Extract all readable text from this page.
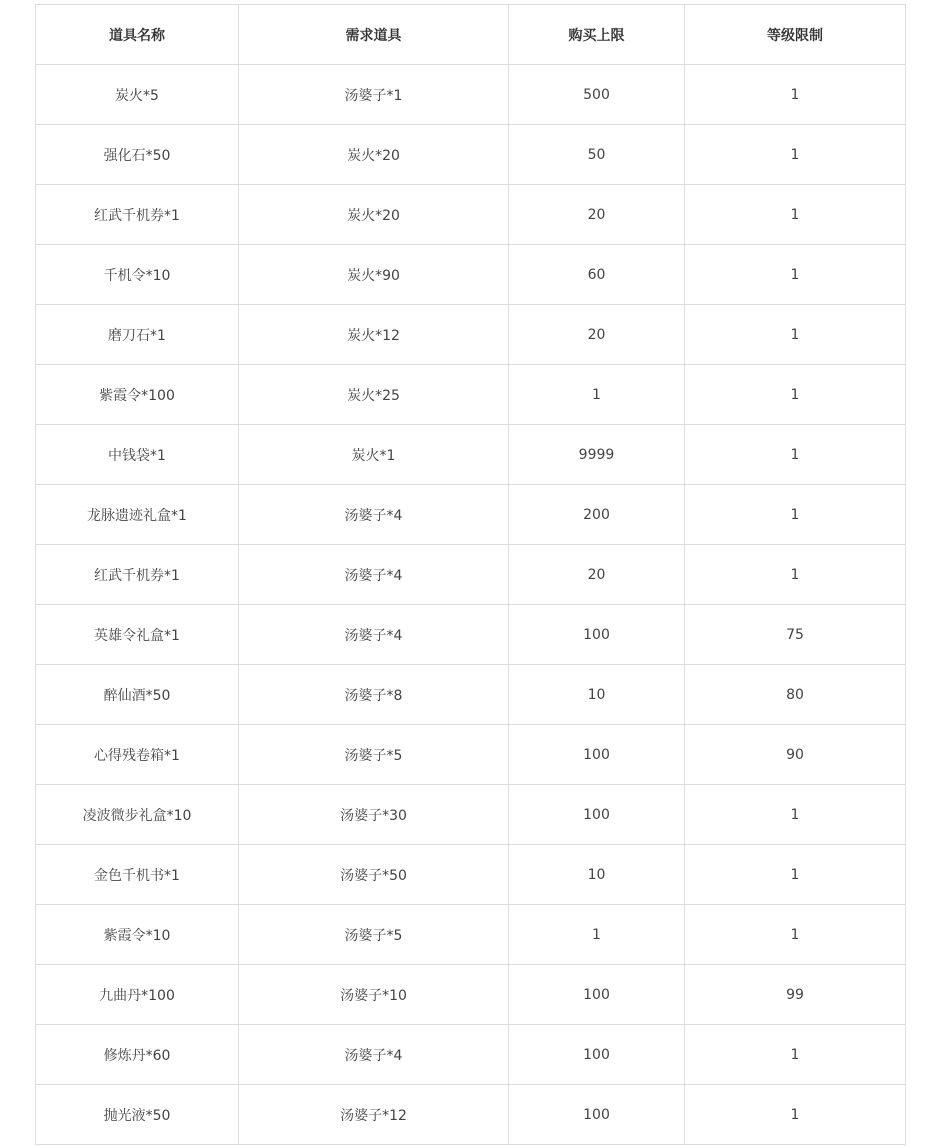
道具名称	需求道具	购买上限	等级限制
炭火*5	汤婆子*1	500	1
强化石*50	炭火*20	50	1
红武千机券*1	炭火*20	20	1
千机令*10	炭火*90	60	1
磨刀石*1	炭火*12	20	1
紫霞令*100	炭火*25	1	1
中钱袋*1	炭火*1	9999	1
龙脉遗迹礼盒*1	汤婆子*4	200	1
红武千机券*1	汤婆子*4	20	1
英雄令礼盒*1	汤婆子*4	100	75
醉仙酒*50	汤婆子*8	10	80
心得残卷箱*1	汤婆子*5	100	90
凌波微步礼盒*10	汤婆子*30	100	1
金色千机书*1	汤婆子*50	10	1
紫霞令*10	汤婆子*5	1	1
九曲丹*100	汤婆子*10	100	99
修炼丹*60	汤婆子*4	100	1
抛光液*50	汤婆子*12	100	1
